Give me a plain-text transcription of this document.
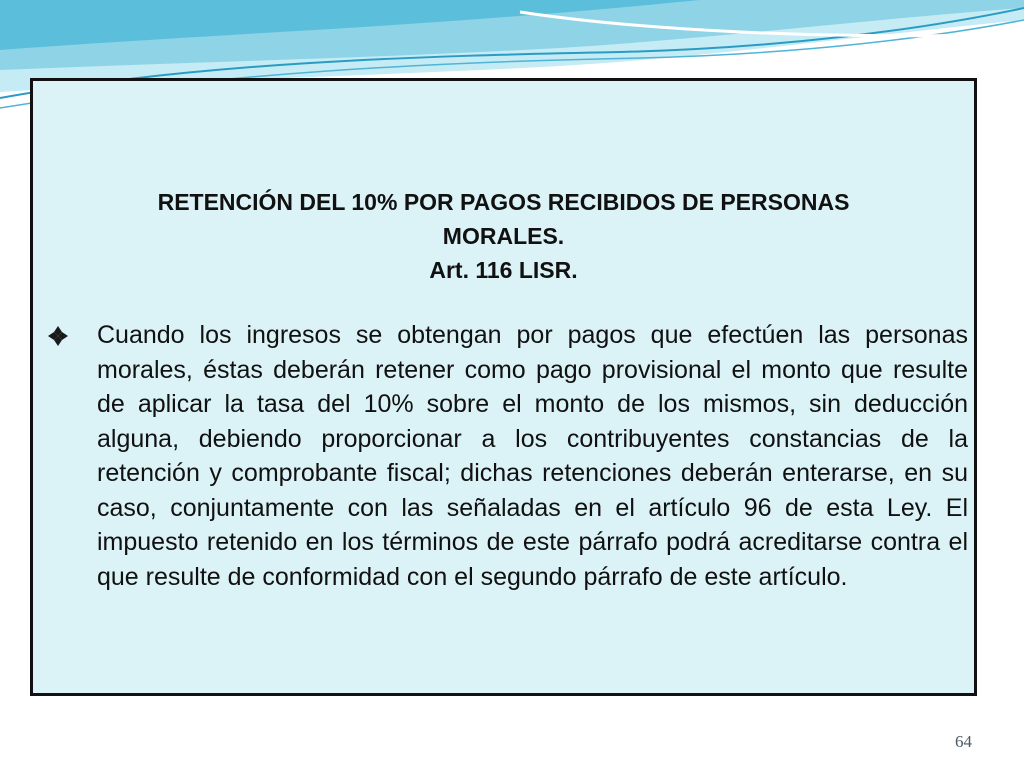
RETENCIÓN DEL 10% POR PAGOS RECIBIDOS DE PERSONAS
MORALES.
Art. 116 LISR.

Cuando los ingresos se obtengan por pagos que efectúen las personas morales, éstas deberán retener como pago provisional el monto que resulte de aplicar la tasa del 10% sobre el monto de los mismos, sin deducción alguna, debiendo proporcionar a los contribuyentes constancias de la retención y comprobante fiscal; dichas retenciones deberán enterarse, en su caso, conjuntamente con las señaladas en el artículo 96 de esta Ley. El impuesto retenido en los términos de este párrafo podrá acreditarse contra el que resulte de conformidad con el segundo párrafo de este artículo.

64
